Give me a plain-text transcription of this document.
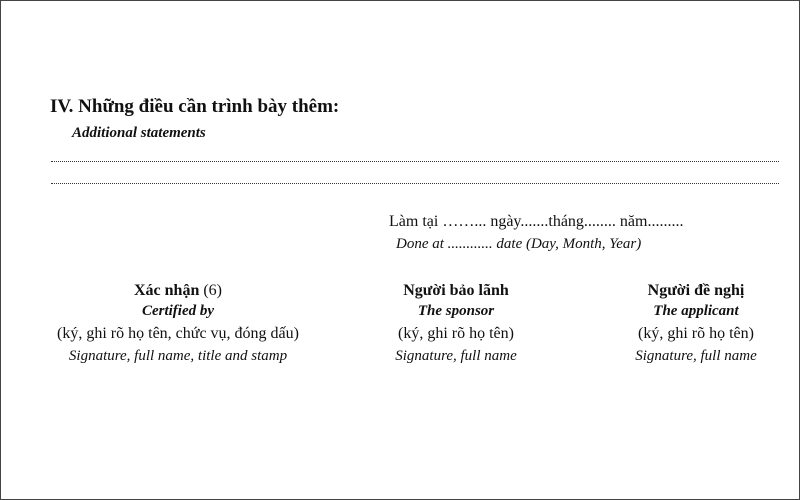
IV. Những điều cần trình bày thêm:
Additional statements
Làm tại ……... ngày.......tháng........ năm.........
Done at ............ date (Day, Month, Year)
Xác nhận (6)
Certified by
(ký, ghi rõ họ tên, chức vụ, đóng dấu)
Signature, full name, title and stamp
Người bảo lãnh
The sponsor
(ký, ghi rõ họ tên)
Signature, full name
Người đề nghị
The applicant
(ký, ghi rõ họ tên)
Signature, full name
